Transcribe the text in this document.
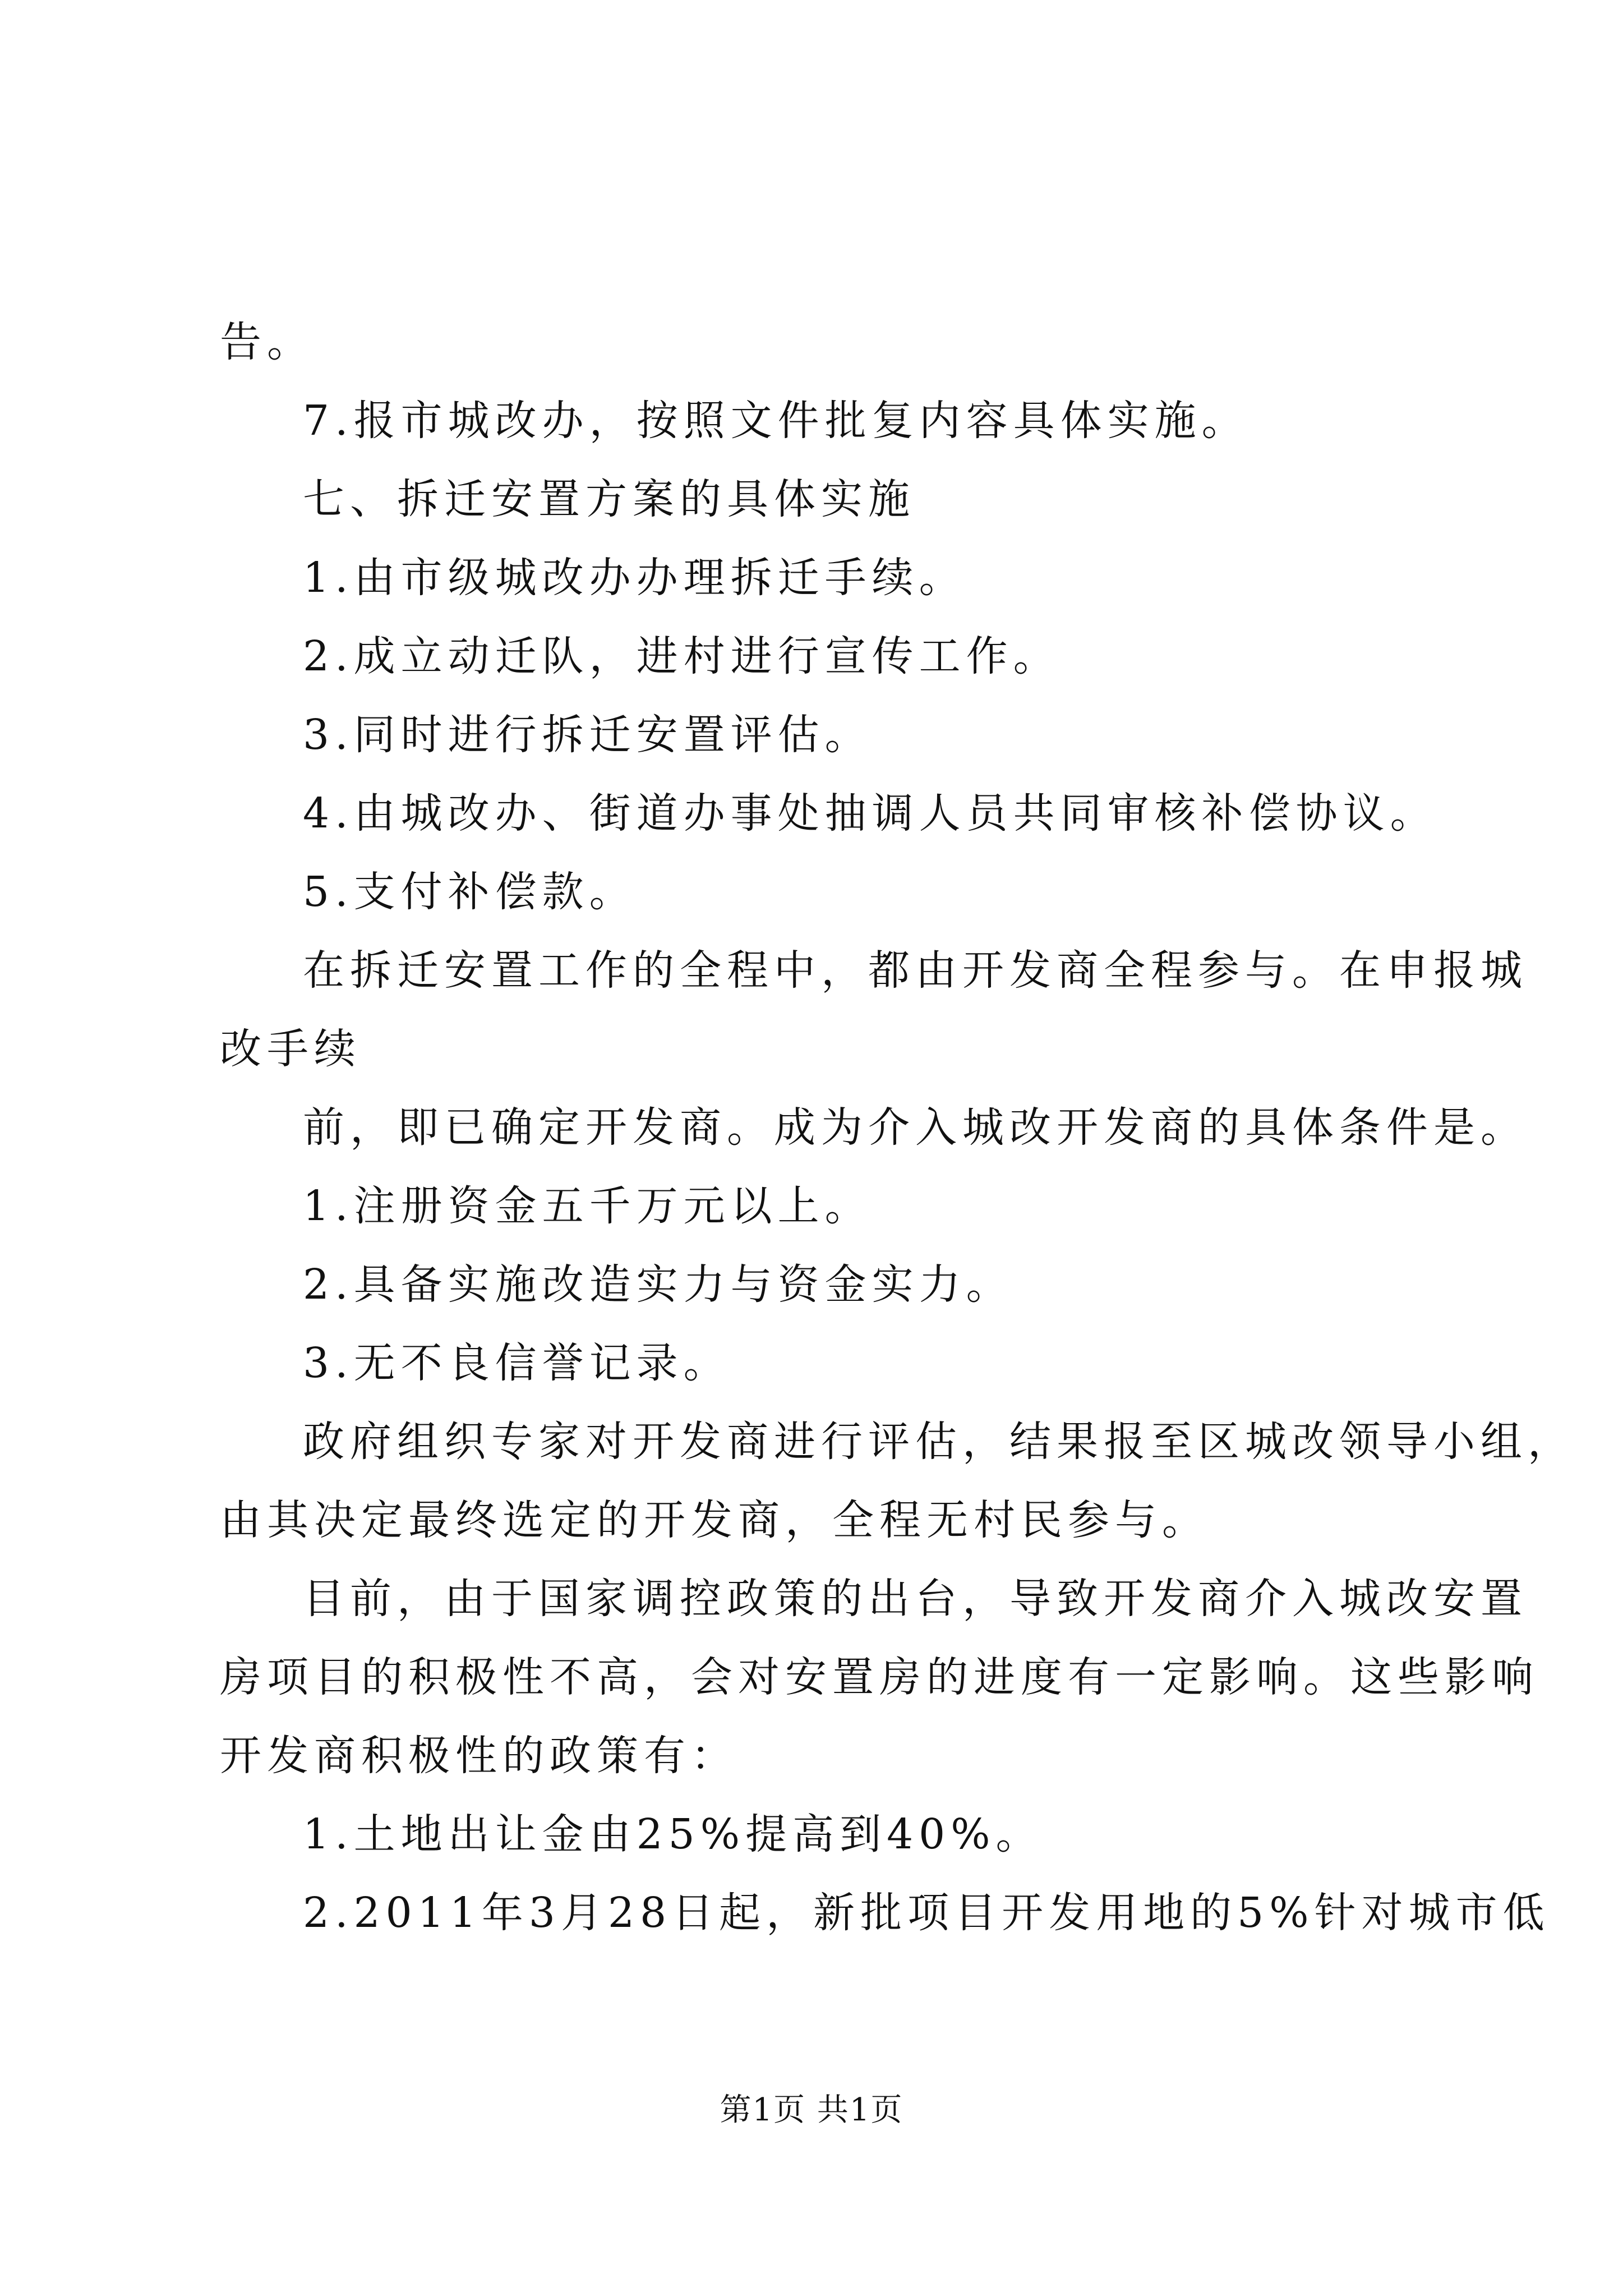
告。
7.报市城改办，按照文件批复内容具体实施。
七、拆迁安置方案的具体实施
1.由市级城改办办理拆迁手续。
2.成立动迁队，进村进行宣传工作。
3.同时进行拆迁安置评估。
4.由城改办、街道办事处抽调人员共同审核补偿协议。
5.支付补偿款。
在拆迁安置工作的全程中，都由开发商全程参与。在申报城
改手续
前，即已确定开发商。成为介入城改开发商的具体条件是。
1.注册资金五千万元以上。
2.具备实施改造实力与资金实力。
3.无不良信誉记录。
政府组织专家对开发商进行评估，结果报至区城改领导小组，
由其决定最终选定的开发商，全程无村民参与。
目前，由于国家调控政策的出台，导致开发商介入城改安置
房项目的积极性不高，会对安置房的进度有一定影响。这些影响
开发商积极性的政策有：
1.土地出让金由25%提高到40%。
2.2011年3月28日起，新批项目开发用地的5%针对城市低
第1页 共1页
